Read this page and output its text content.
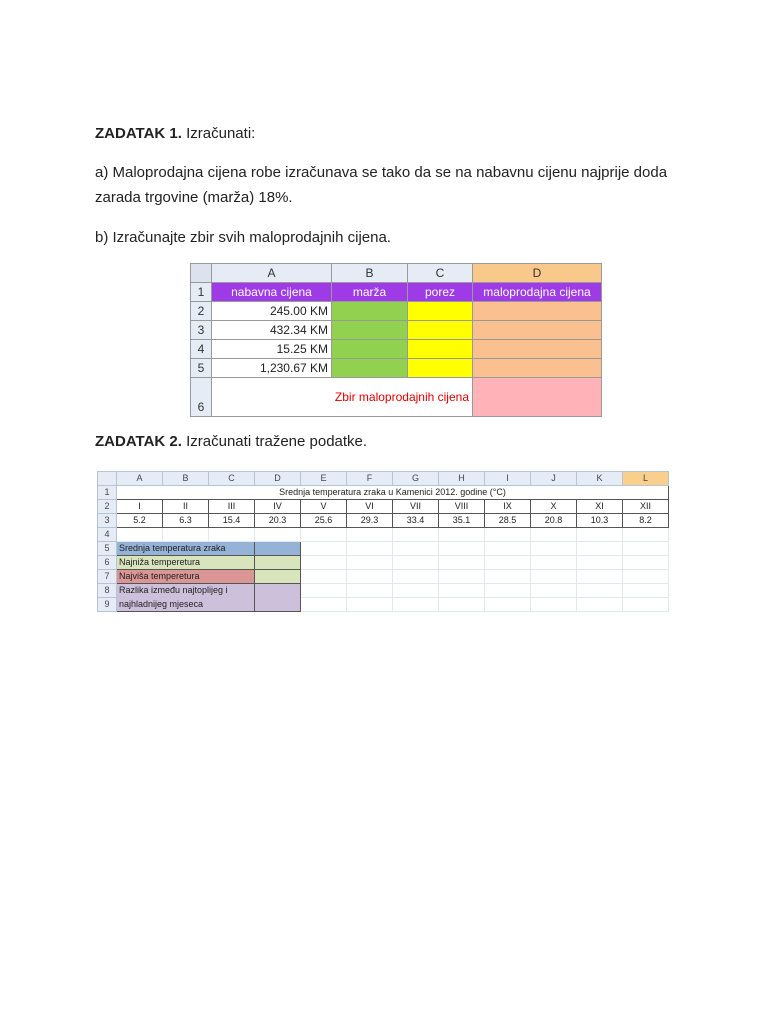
ZADATAK 1. Izračunati:
a) Maloprodajna cijena robe izračunava se tako da se na nabavnu cijenu najprije doda
zarada trgovine (marža) 18%.
b) Izračunajte zbir svih maloprodajnih cijena.
	A	B	C	D
1	nabavna cijena	marža	porez	maloprodajna cijena
2	245.00 KM			
3	432.34 KM			
4	15.25 KM			
5	1,230.67 KM			
6	Zbir maloprodajnih cijena			
ZADATAK 2. Izračunati tražene podatke.
	A	B	C	D	E	F	G	H	I	J	K	L
1	Srednja temperatura zraka u Kamenici 2012. godine (°C)											
2	I	II	III	IV	V	VI	VII	VIII	IX	X	XI	XII
3	5.2	6.3	15.4	20.3	25.6	29.3	33.4	35.1	28.5	20.8	10.3	8.2
4												
5	Srednja temperatura zraka											
6	Najniža temperetura											
7	Najviša temperetura											
8	Razlika između najtoplijeg i											
9	najhladnijeg mjeseca											
